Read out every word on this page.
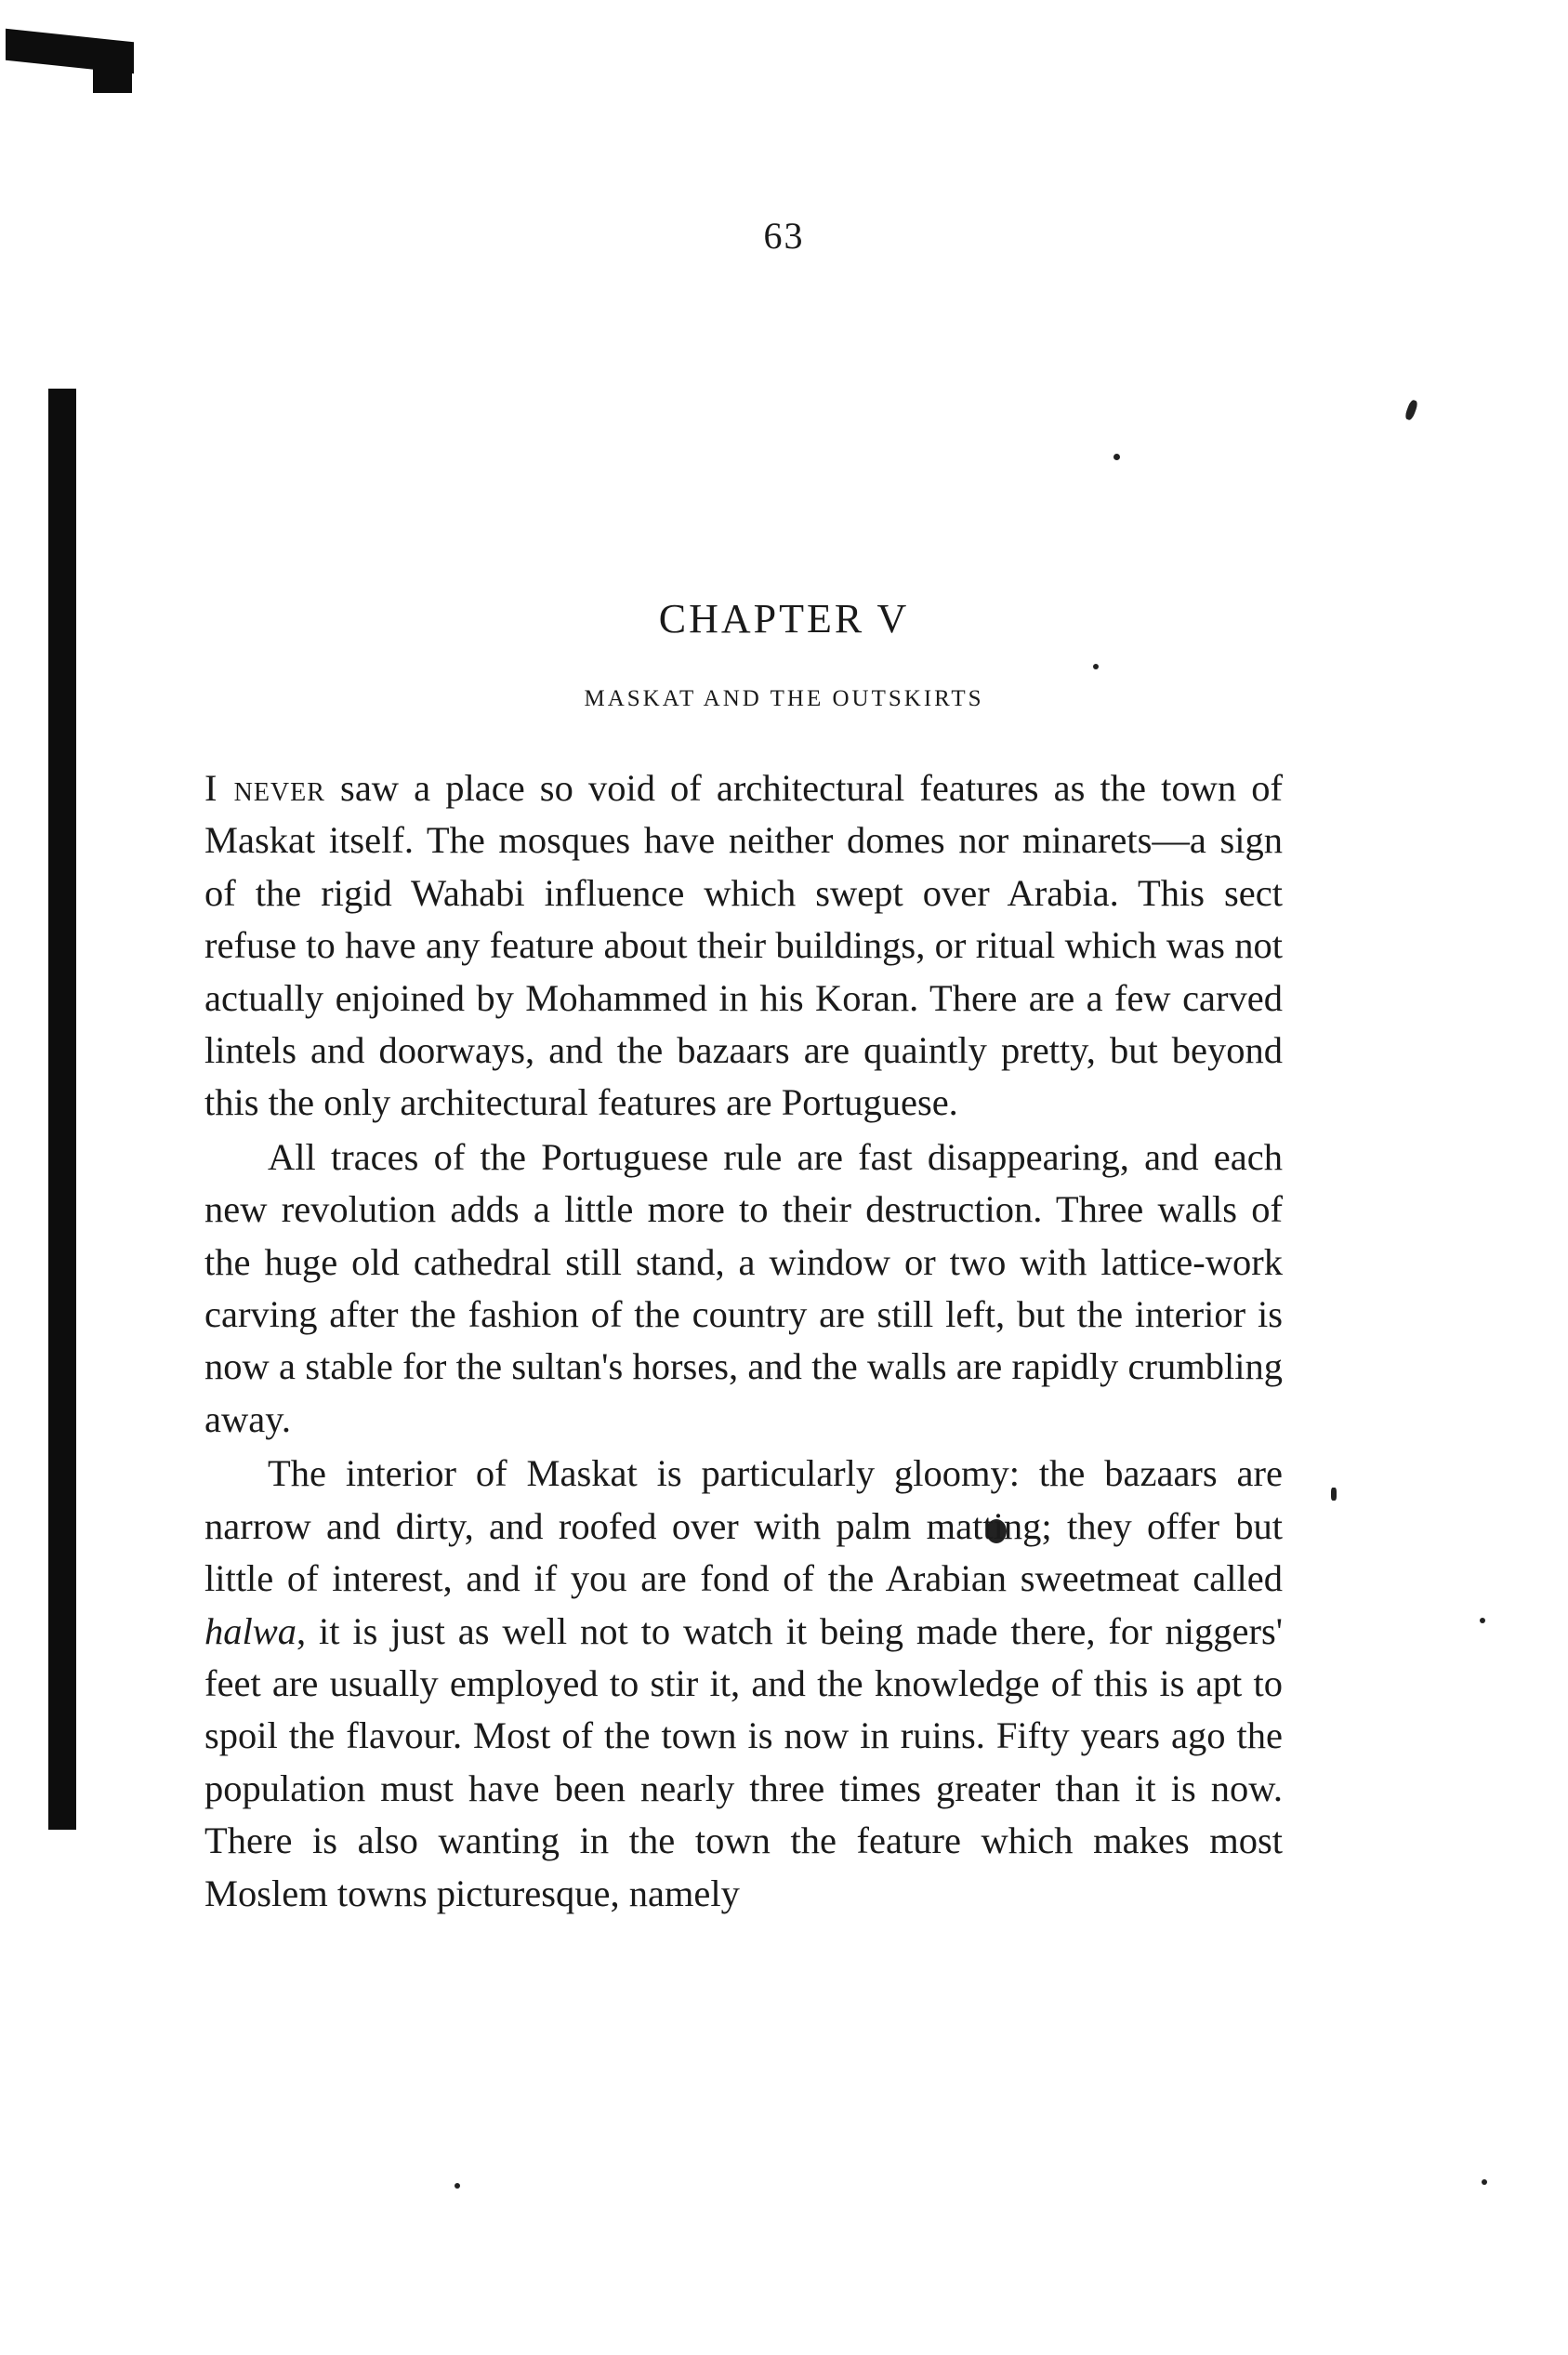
63
CHAPTER V
MASKAT AND THE OUTSKIRTS

I never saw a place so void of architectural features as the town of Maskat itself. The mosques have neither domes nor minarets—a sign of the rigid Wahabi influence which swept over Arabia. This sect refuse to have any feature about their buildings, or ritual which was not actually enjoined by Mohammed in his Koran. There are a few carved lintels and doorways, and the bazaars are quaintly pretty, but beyond this the only architectural features are Portuguese.

All traces of the Portuguese rule are fast disappearing, and each new revolution adds a little more to their destruction. Three walls of the huge old cathedral still stand, a window or two with lattice-work carving after the fashion of the country are still left, but the interior is now a stable for the sultan's horses, and the walls are rapidly crumbling away.

The interior of Maskat is particularly gloomy: the bazaars are narrow and dirty, and roofed over with palm matting; they offer but little of interest, and if you are fond of the Arabian sweetmeat called halwa, it is just as well not to watch it being made there, for niggers' feet are usually employed to stir it, and the knowledge of this is apt to spoil the flavour. Most of the town is now in ruins. Fifty years ago the population must have been nearly three times greater than it is now. There is also wanting in the town the feature which makes most Moslem towns picturesque, namely
